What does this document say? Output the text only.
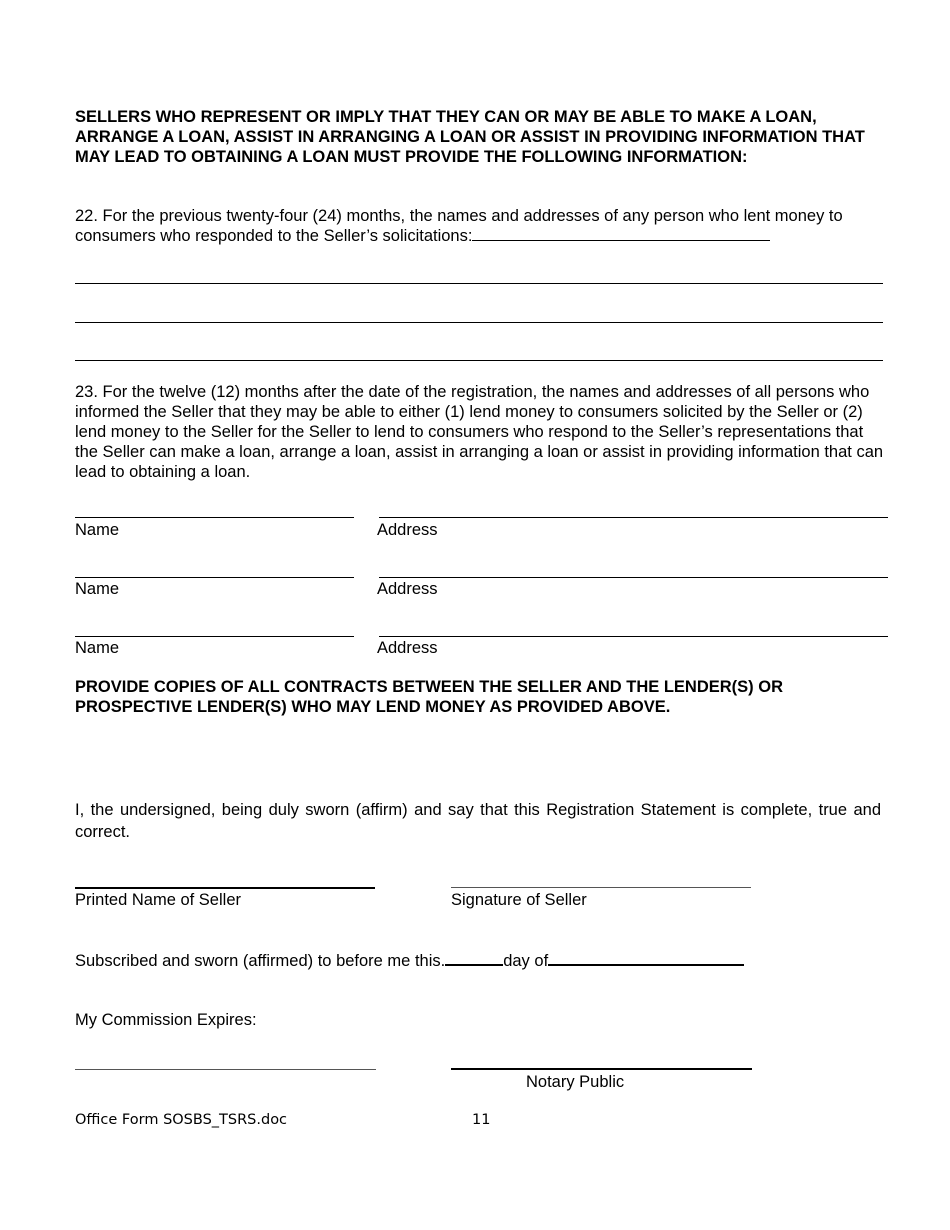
SELLERS WHO REPRESENT OR IMPLY THAT THEY CAN OR MAY BE ABLE TO MAKE A LOAN, ARRANGE A LOAN, ASSIST IN ARRANGING A LOAN OR ASSIST IN PROVIDING INFORMATION THAT MAY LEAD TO OBTAINING A LOAN MUST PROVIDE THE FOLLOWING INFORMATION:
22. For the previous twenty-four (24) months, the names and addresses of any person who lent money to consumers who responded to the Seller’s solicitations:
23. For the twelve (12) months after the date of the registration, the names and addresses of all persons who informed the Seller that they may be able to either (1) lend money to consumers solicited by the Seller or (2) lend money to the Seller for the Seller to lend to consumers who respond to the Seller’s representations that the Seller can make a loan, arrange a loan, assist in arranging a loan or assist in providing information that can lead to obtaining a loan.
Name	Address
Name	Address
Name	Address
PROVIDE COPIES OF ALL CONTRACTS BETWEEN THE SELLER AND THE LENDER(S) OR PROSPECTIVE LENDER(S) WHO MAY LEND MONEY AS PROVIDED ABOVE.
I, the undersigned, being duly sworn (affirm) and say that this Registration Statement is complete, true and correct.
Printed Name of Seller	Signature of Seller
Subscribed and sworn (affirmed) to before me this.	day of
My Commission Expires:
Notary Public
Office Form SOSBS_TSRS.doc	11
